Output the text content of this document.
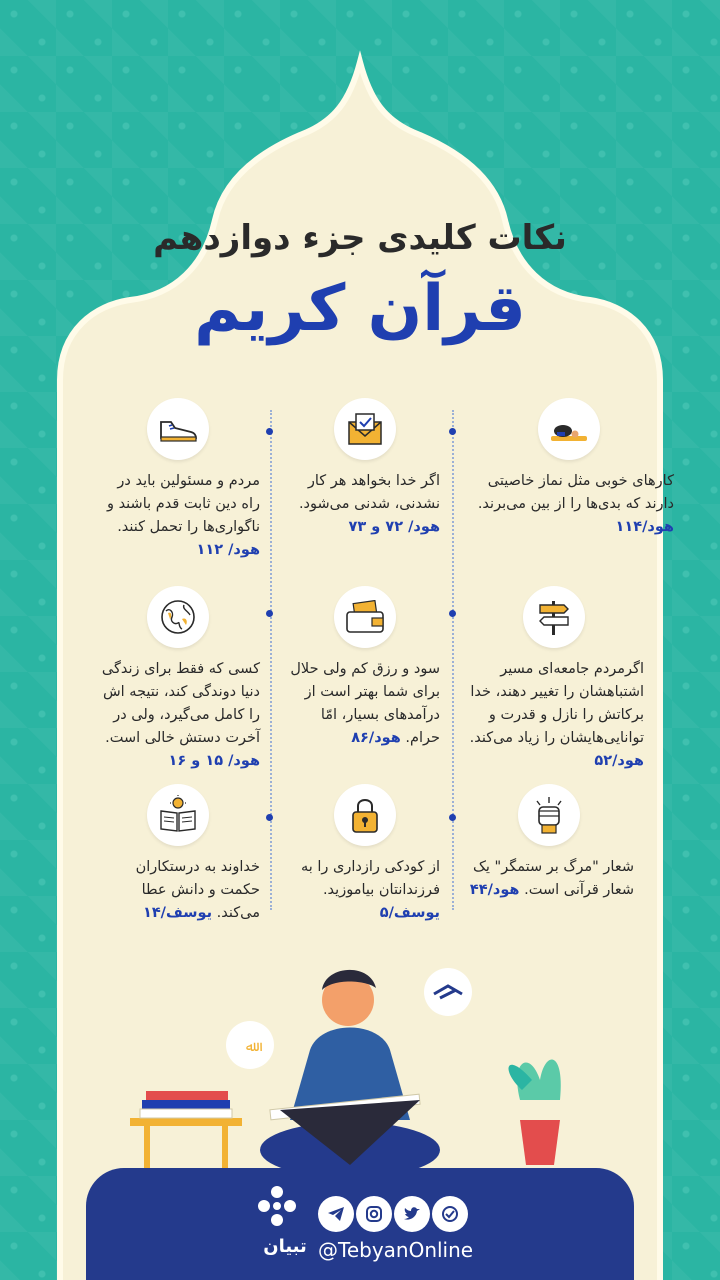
نکات کلیدی جزء دوازدهم
قرآن کریم
کارهای خوبی مثل نماز خاصیتی دارند که بدی‌ها را از بین می‌برند. هود/۱۱۴
اگر خدا بخواهد هر کار نشدنی، شدنی می‌شود. هود/ ۷۲ و ۷۳
مردم و مسئولین باید در راه دین ثابت قدم باشند و ناگواری‌ها را تحمل کنند. هود/ ۱۱۲
اگرمردم جامعه‌ای مسیر اشتباهشان را تغییر دهند، خدا برکاتش را نازل و قدرت و توانایی‌هایشان را زیاد می‌کند. هود/۵۲
سود و رزق کم ولی حلال برای شما بهتر است از درآمدهای بسیار، امّا حرام. هود/۸۶
کسی که فقط برای زندگی دنیا دوندگی کند، نتیجه اش را کامل می‌گیرد، ولی در آخرت دستش خالی است. هود/ ۱۵ و ۱۶
شعار "مرگ بر ستمگر" یک شعار قرآنی است. هود/۴۴
از کودکی رازداری را به فرزندانتان بیاموزید. یوسف/۵
خداوند به درستکاران حکمت و دانش عطا می‌کند. یوسف/۱۴
ﷲ
تبیان @TebyanOnline
